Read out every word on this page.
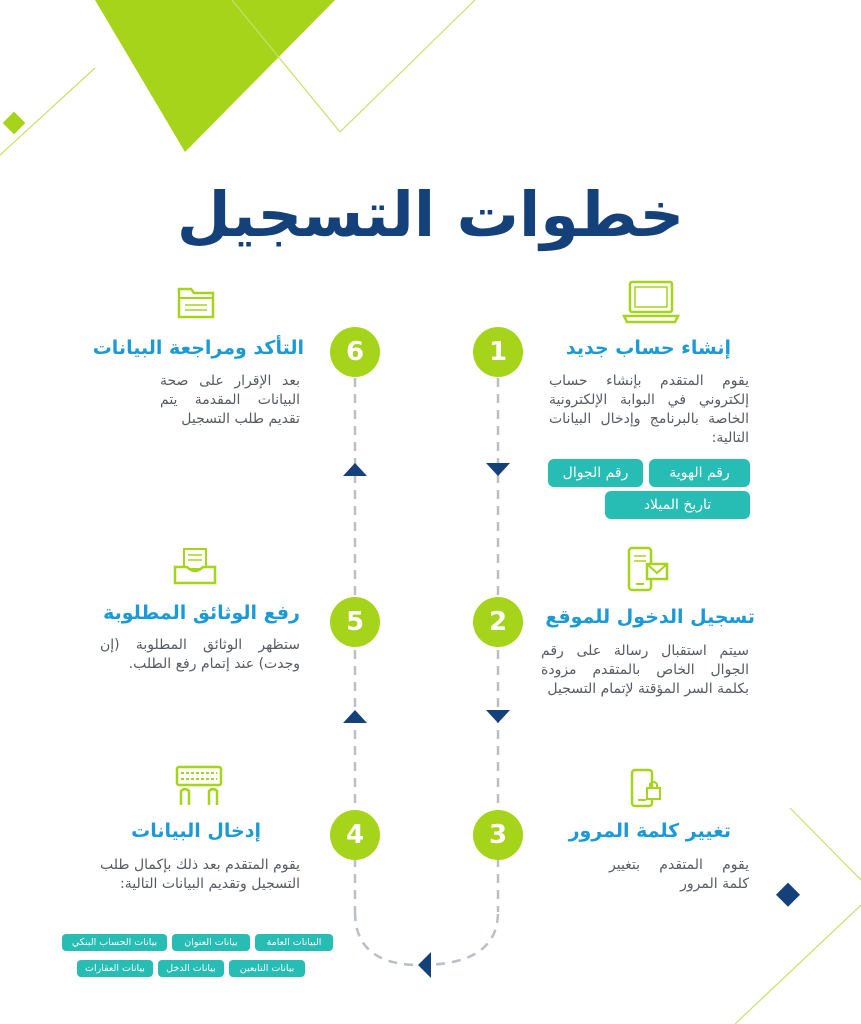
خطوات التسجيل
1	إنشاء حساب جديد
يقوم المتقدم بإنشاء حساب إلكتروني في البوابة الإلكترونية الخاصة بالبرنامج وإدخال البيانات التالية:
رقم الهوية
رقم الجوال
تاريخ الميلاد
2	تسجيل الدخول للموقع
سيتم استقبال رسالة على رقم الجوال الخاص بالمتقدم مزودة بكلمة السر المؤقتة لإتمام التسجيل
3	تغيير كلمة المرور
يقوم المتقدم بتغيير كلمة المرور
6
التأكد ومراجعة البيانات
بعد الإقرار على صحة البيانات المقدمة يتم تقديم طلب التسجيل
5
رفع الوثائق المطلوبة
ستظهر الوثائق المطلوبة (إن وجدت) عند إتمام رفع الطلب.
4
إدخال البيانات
يقوم المتقدم بعد ذلك بإكمال طلب التسجيل وتقديم البيانات التالية:
البيانات العامة
بيانات العنوان
بيانات الحساب البنكي
بيانات التابعين
بيانات الدخل
بيانات العقارات
